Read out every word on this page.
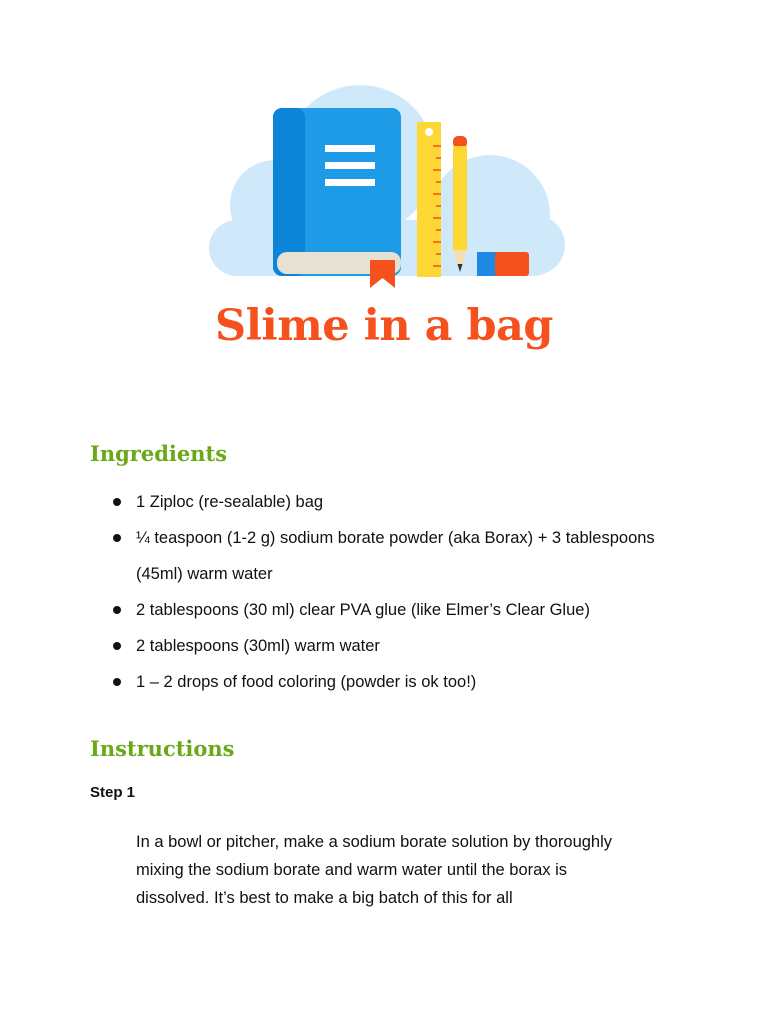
Slime in a bag
Ingredients
1 Ziploc (re-sealable) bag
¼ teaspoon (1-2 g) sodium borate powder (aka Borax) + 3 tablespoons (45ml) warm water
2 tablespoons (30 ml) clear PVA glue (like Elmer’s Clear Glue)
2 tablespoons (30ml) warm water
1 – 2 drops of food coloring (powder is ok too!)
Instructions

Step 1

In a bowl or pitcher, make a sodium borate solution by thoroughly mixing the sodium borate and warm water until the borax is dissolved. It’s best to make a big batch of this for all
